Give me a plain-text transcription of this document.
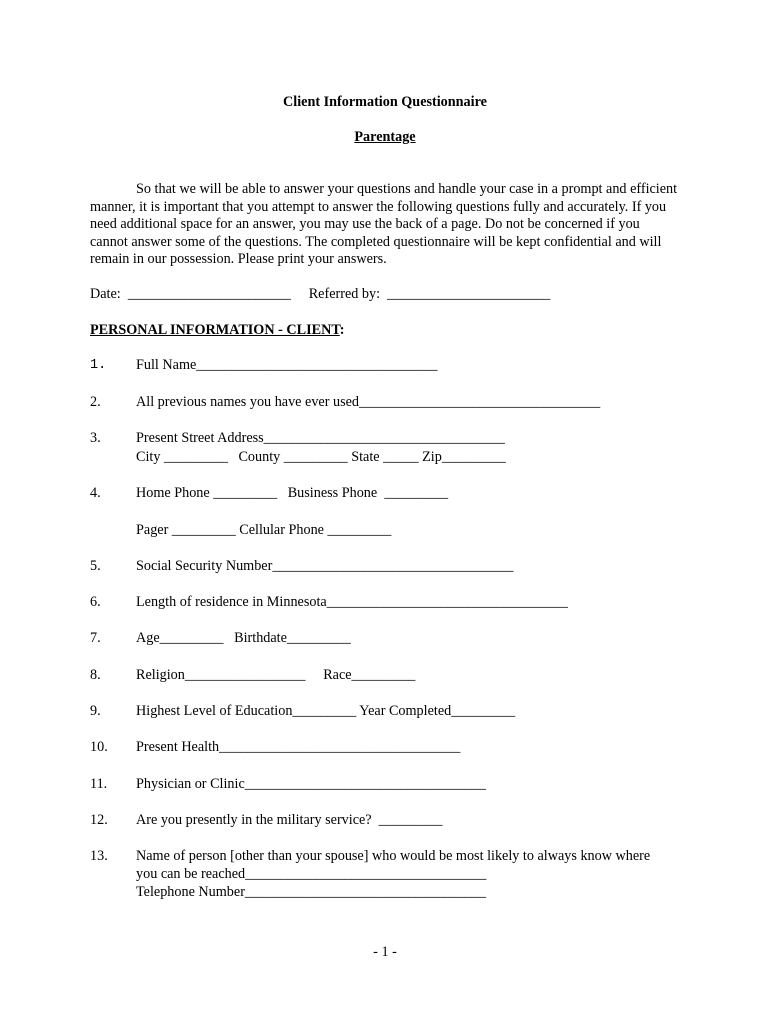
Client Information Questionnaire
Parentage
So that we will be able to answer your questions and handle your case in a prompt and efficient manner, it is important that you attempt to answer the following questions fully and accurately. If you need additional space for an answer, you may use the back of a page. Do not be concerned if you cannot answer some of the questions. The completed questionnaire will be kept confidential and will remain in our possession. Please print your answers.
Date:  _______________________     Referred by:  _______________________
PERSONAL INFORMATION - CLIENT:
1. Full Name__________________________________
2. All previous names you have ever used__________________________________
3. Present Street Address__________________________________
City _________   County _________ State _____ Zip_________
4. Home Phone _________   Business Phone  _________
Pager _________ Cellular Phone _________
5. Social Security Number__________________________________
6. Length of residence in Minnesota__________________________________
7. Age_________   Birthdate_________
8. Religion_________________     Race_________
9. Highest Level of Education_________ Year Completed_________
10. Present Health__________________________________
11. Physician or Clinic__________________________________
12. Are you presently in the military service?  _________
13. Name of person [other than your spouse] who would be most likely to always know where
you can be reached__________________________________
Telephone Number__________________________________
- 1 -
